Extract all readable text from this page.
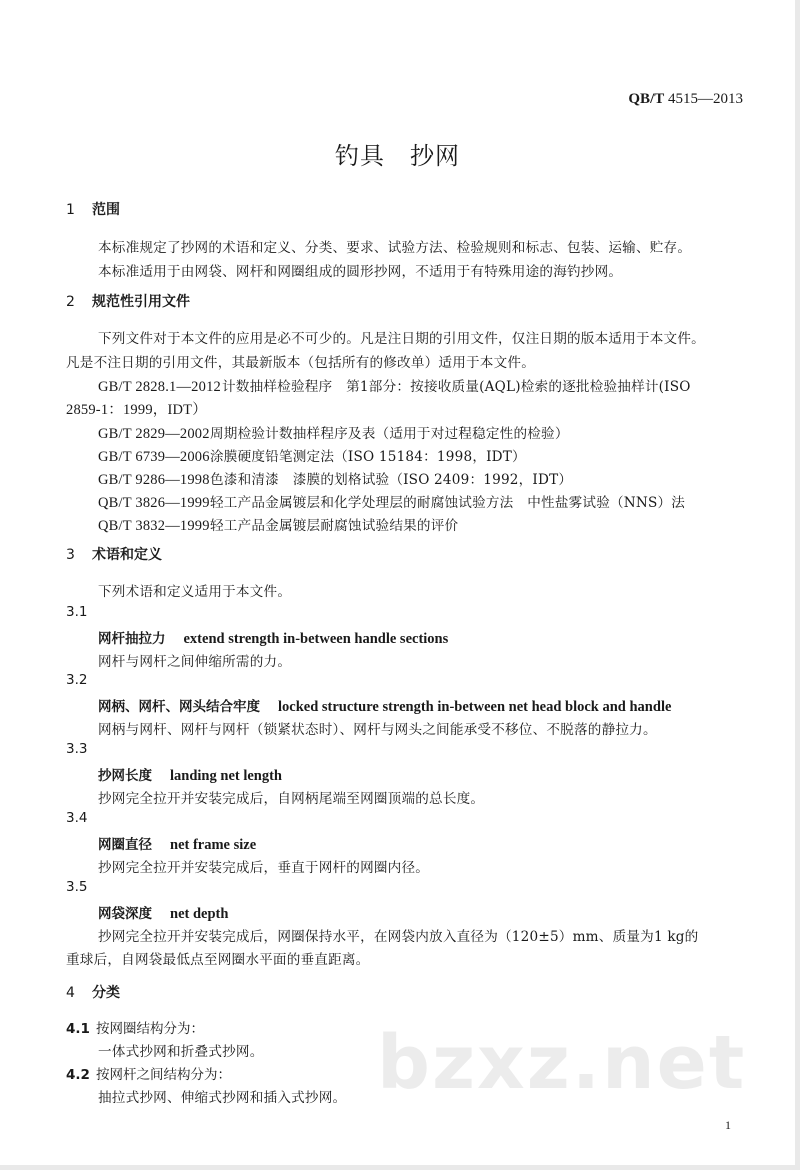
QB/T 4515—2013
钓具　抄网
1 范围
本标准规定了抄网的术语和定义、分类、要求、试验方法、检验规则和标志、包装、运输、贮存。
本标准适用于由网袋、网杆和网圈组成的圆形抄网，不适用于有特殊用途的海钓抄网。
2 规范性引用文件
下列文件对于本文件的应用是必不可少的。凡是注日期的引用文件，仅注日期的版本适用于本文件。
凡是不注日期的引用文件，其最新版本（包括所有的修改单）适用于本文件。
GB/T 2828.1—2012计数抽样检验程序　第1部分：按接收质量(AQL)检索的逐批检验抽样计(ISO
2859-1：1999，IDT）
GB/T 2829—2002周期检验计数抽样程序及表（适用于对过程稳定性的检验）
GB/T 6739—2006涂膜硬度铅笔测定法（ISO 15184：1998，IDT）
GB/T 9286—1998色漆和清漆　漆膜的划格试验（ISO 2409：1992，IDT）
QB/T 3826—1999轻工产品金属镀层和化学处理层的耐腐蚀试验方法　中性盐雾试验（NNS）法
QB/T 3832—1999轻工产品金属镀层耐腐蚀试验结果的评价
3 术语和定义
下列术语和定义适用于本文件。
3.1
网杆抽拉力 extend strength in-between handle sections
网杆与网杆之间伸缩所需的力。
3.2
网柄、网杆、网头结合牢度 locked structure strength in-between net head block and handle
网柄与网杆、网杆与网杆（锁紧状态时）、网杆与网头之间能承受不移位、不脱落的静拉力。
3.3
抄网长度 landing net length
抄网完全拉开并安装完成后，自网柄尾端至网圈顶端的总长度。
3.4
网圈直径 net frame size
抄网完全拉开并安装完成后，垂直于网杆的网圈内径。
3.5
网袋深度 net depth
抄网完全拉开并安装完成后，网圈保持水平，在网袋内放入直径为（120±5）mm、质量为1 kg的
重球后，自网袋最低点至网圈水平面的垂直距离。
4 分类
4.1 按网圈结构分为：
一体式抄网和折叠式抄网。
4.2 按网杆之间结构分为：
抽拉式抄网、伸缩式抄网和插入式抄网。 bzxz.net
1
